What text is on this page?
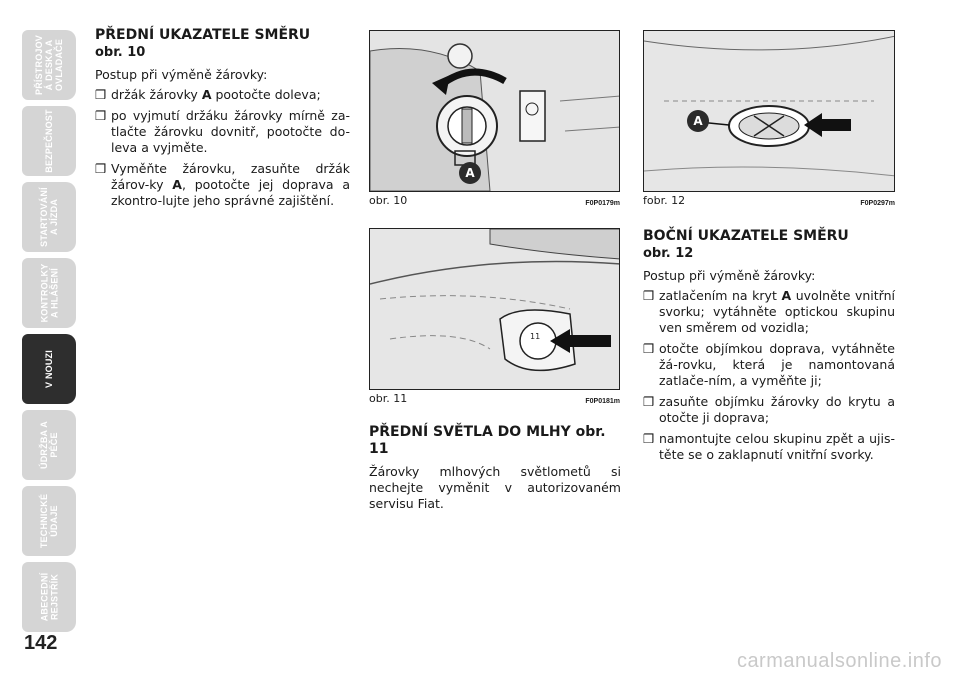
PŘÍSTROJOV
Á DESKA A
OVLADAČE
BEZPEČNOST
STARTOVÁNÍ
A JÍZDA
KONTROLKY
A HLÁŠENÍ
V NOUZI
ÚDRŽBA A
PÉČE
TECHNICKÉ
ÚDAJE
ABECEDNÍ
REJSTŘÍK
142

PŘEDNÍ UKAZATELE SMĚRU

obr. 10

Postup při výměně žárovky:

❒ držák žárovky A pootočte doleva;
❒ po vyjmutí držáku žárovky mírně za-tlačte žárovku dovnitř, pootočte do-leva a vyjměte.
❒ Vyměňte žárovku, zasuňte držák žárov-ky A, pootočte jej doprava a zkontro-lujte jeho správné zajištění.
A
obr. 10	F0P0179m
11
obr. 11	F0P0181m

PŘEDNÍ SVĚTLA DO MLHY obr. 11

Žárovky mlhových světlometů si nechejte vyměnit v autorizovaném servisu Fiat.

A
fobr. 12	F0P0297m

BOČNÍ UKAZATELE SMĚRU

obr. 12

Postup při výměně žárovky:

❒ zatlačením na kryt A uvolněte vnitřní svorku; vytáhněte optickou skupinu ven směrem od vozidla;
❒ otočte objímkou doprava, vytáhněte žá-rovku, která je namontovaná zatlače-ním, a vyměňte ji;
❒ zasuňte objímku žárovky do krytu a otočte ji doprava;
❒ namontujte celou skupinu zpět a ujis-těte se o zaklapnutí vnitřní svorky.
carmanualsonline.info
